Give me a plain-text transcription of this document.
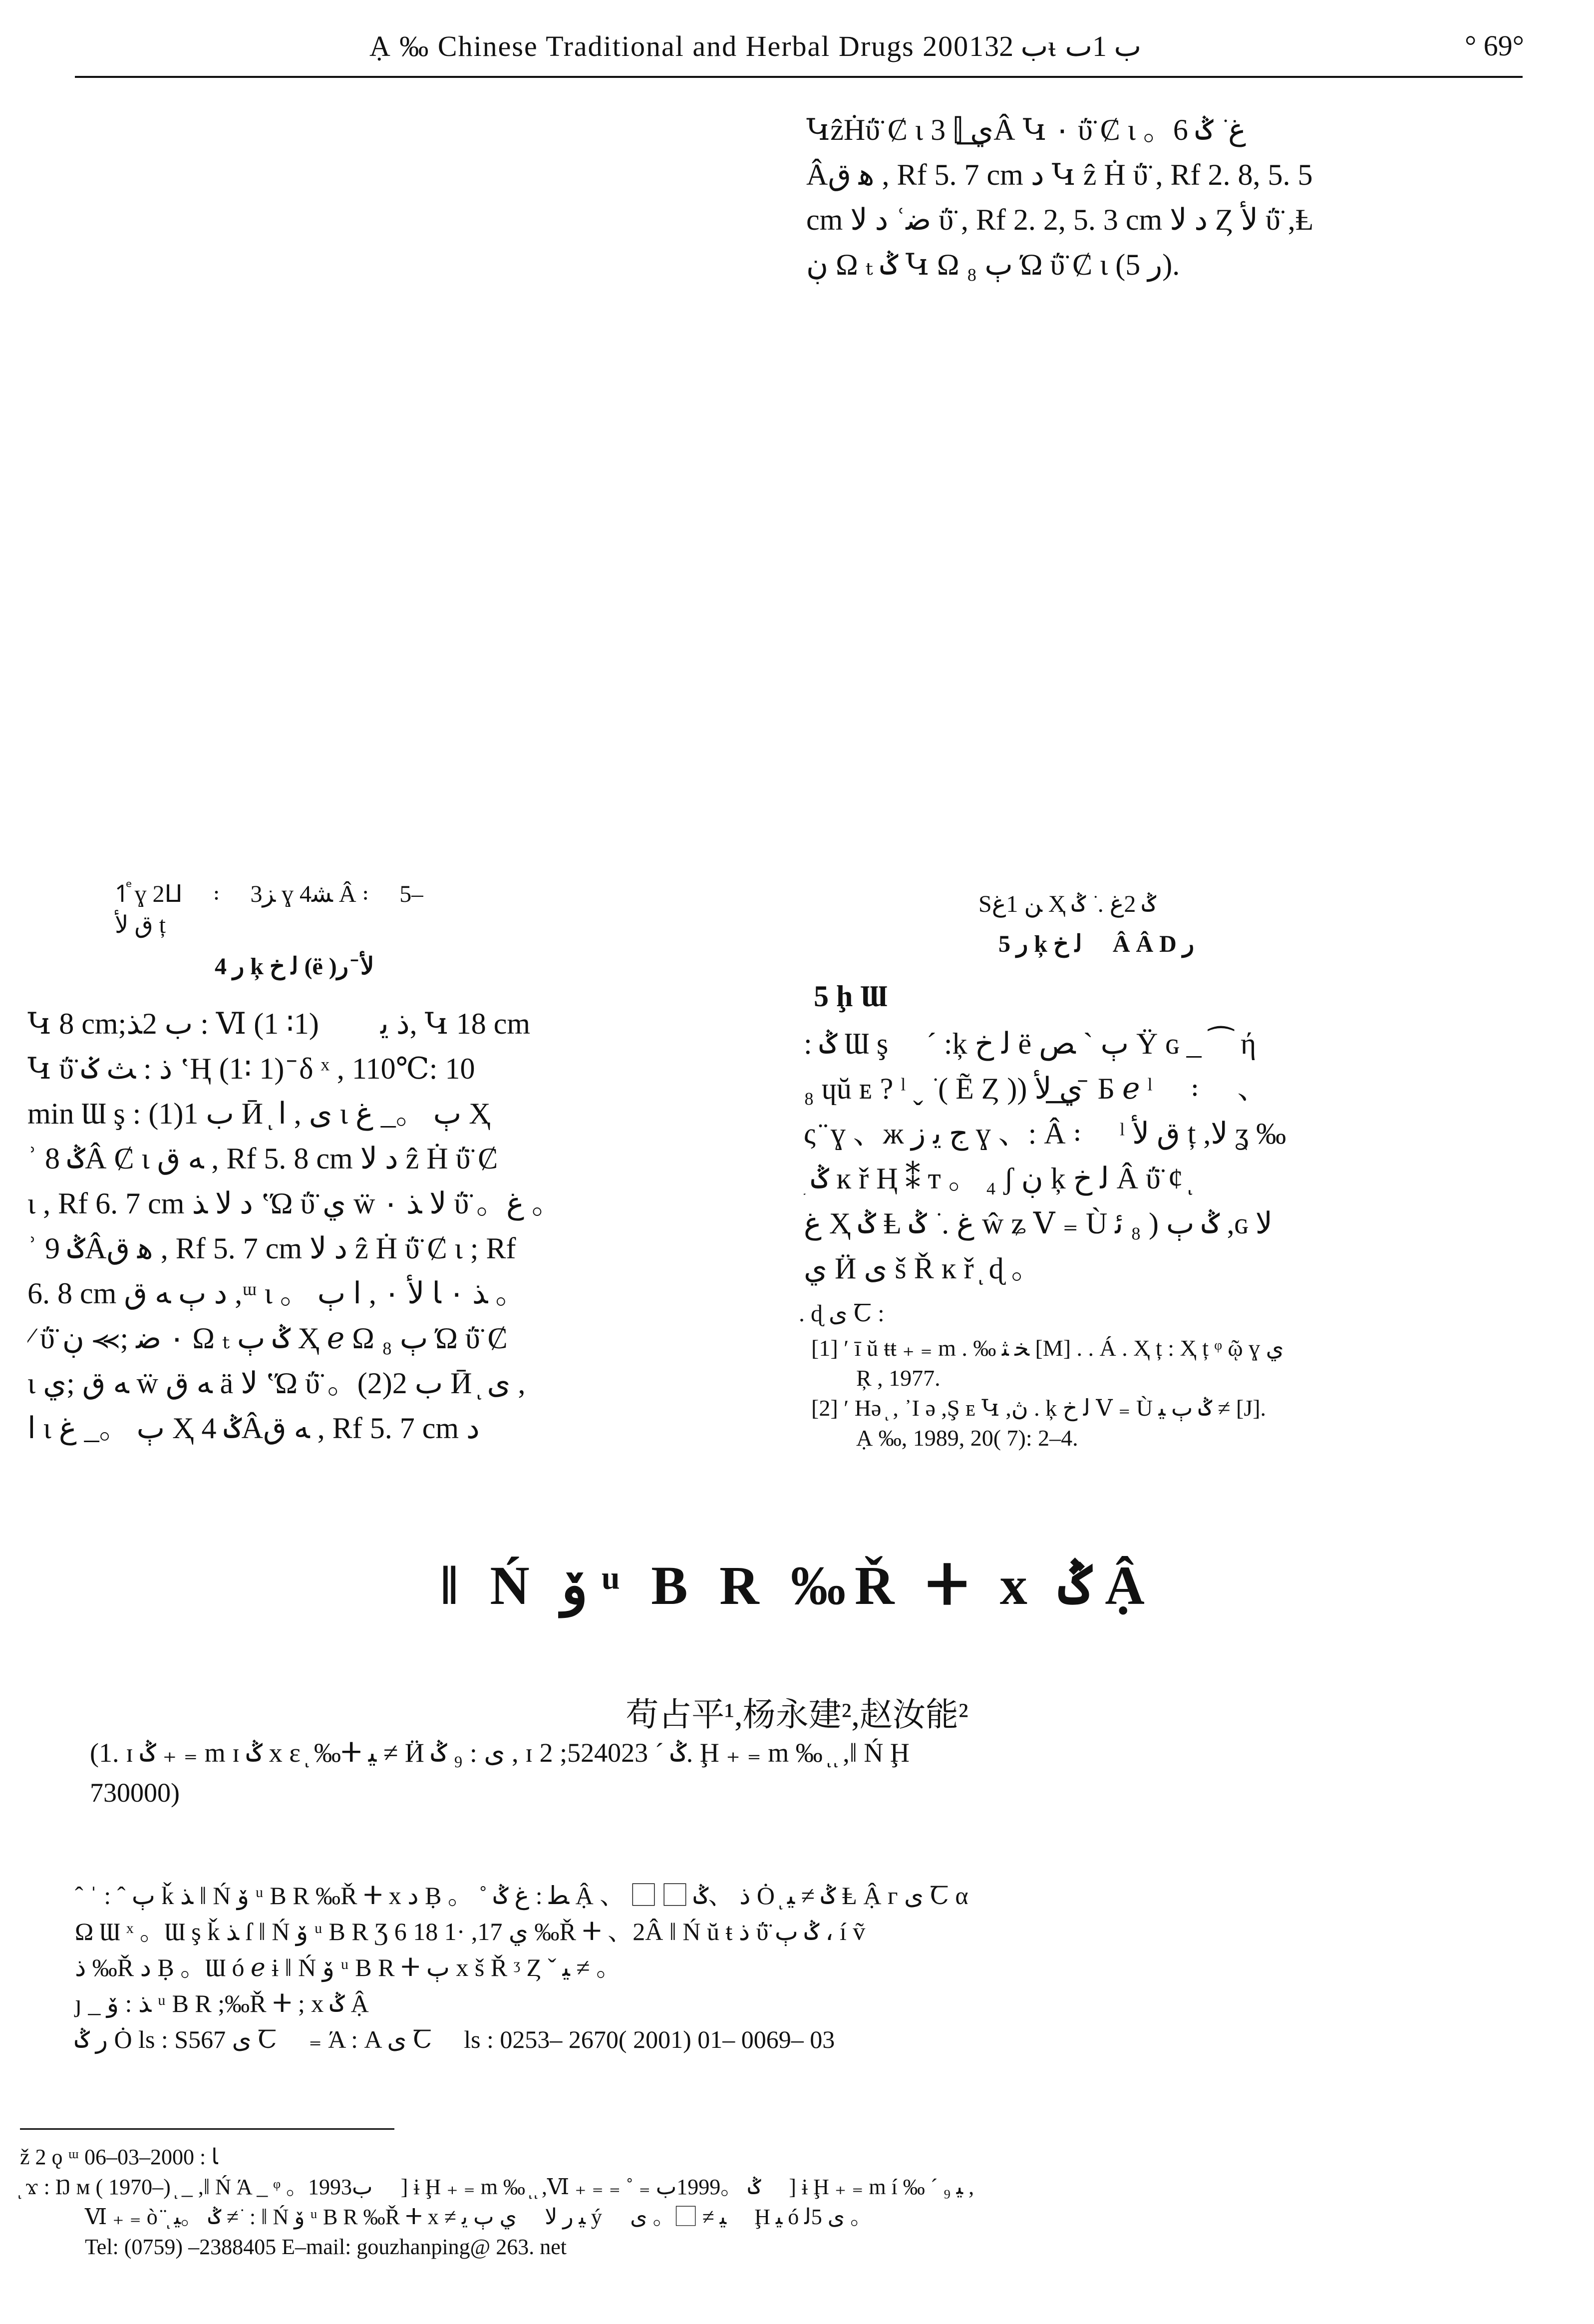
Ạ ‰ Chinese Traditional and Herbal Drugs 2001ب 32ᵼ ب 1ٮ	° 69°
ԿẑḢΰ̈ Ȼ ι ي͟ ⫿ 3Â Կ ٠ ΰ̈ Ȼ ι 。ﻍ ͘ ݣ 6
Âﻫ ق , Rf 5. 7 cm ﺩ Կ ẑ Ḣ ΰ̈ , Rf 2. 8, 5. 5
cm ﺩ ﻻ ʿﺿ ΰ̈ , Rf 2. 2, 5. 3 cm ﺩ ﻻ Ȥ ﻷ ΰ̈ ,Ⱡ
ڹ Ω ₜ ݣ Կ Ω ₈ ٻ Ώ ΰ̈ Ȼ ι (ﺭ 5).
1ⷷ ɣ 2ⵡ ⃞ ꞉ ⃞ 3ﺰ ɣ 4ﺸ Â ꞉ ⃞ 5–
ﻕ ﻷ ț
ﺭ 4 ķ ﻟ ﺥ (ë )ﻷ ̄ ﺭ
Կ 8 cm;ب 2ﺬ : Ⅵ ﺫ ﻳ ⊣⃞ (1∶ 1), Կ 18 cm
Կ ΰ̈ ﺫ : ﺚ ݢ ‛Ⱨ (1∶ 1) ̄ δ ˣ , 110℃: 10
min Ɯ ş : (1)ب 1 Ӣ ͅ ى , ا ι ٻ 。_ ﻍ Ҳ
ʾ ݣ 8Â Ȼ ι ﻪ ق , Rf 5. 8 cm ﺩ ﻻ ẑ Ḣ ΰ̈ Ȼ
ι , Rf 6. 7 cm ﺩ ﻻ ﺬ ‛Ώ ΰ̈ ي ẅ ﻻ ﺬ ٠ ΰ̈ 。ﻍ 。
ʾ ݣ 9Âﻫ ق , Rf 5. 7 cm ﺩ ﻻ ẑ Ḣ ΰ̈ Ȼ ι ; Rf
6. 8 cm ﺩ ٻ ﻪ ق ,ᵚ ι 。 ﺬ ٠ ﺎ ﻷ ٠ , ا ٻ 。
∕ ΰ̈ ٠ ﺿ ;⪼ ڹ Ω ₜ ݣ ٻ Ҳ ℯ Ω ₈ ٻ Ώ ΰ̈ Ȼ
ι ﻪ ق ;ي ẅ ﻪ ق ä ﻻ ‛Ώ ΰ̈ 。(2)ب 2 Ӣ ͅ ى ,
ا ι ٻ 。_ ﻍ Ҳ ݣ 4Âﻪ ق , Rf 5. 7 cm ﺩ
Sﻦ 1ﻍ Ҳ ݣ 2ﻍ . ͘ ݣ
ﺭ 5 ķ ﻟ ﺥ ⃞ Â Â D ﺭ
5 ḩ Ɯ
: ݣ Ɯ ş ⃞ ´ :ķ ﻟ ﺥ ë ٻ ` ﺺ Ÿ ɢ _ ⁀ ή
₈ ɥŭ ᴇ ? ˡ ˬ ͘ ( Ẽ Ȥ )) ي͟ ﻷ ̄ Б ℯ ˡ ⃞ ꞉ ⃞ 、
ς ̈ ɣ 、ж ج ﻳ ﺯ ɣ 、: Â ꞉ ⃞ ˡ ﻕ ﻷ ț ,ﻻ ʓ ‰
ͅ ݣ ĸ ř Ⱨ ⁑ т 。 ₄ ʃ ڹ ķ ﻟ ﺥ Â ΰ̈ ȼ ͅ ⃞
ﻍ Ҳ ݣ Ⱡ ﻍ . ͘ ݣ ŵ ʑ Ⅴ ₌ Ù ݣ ٻ ( ₈ ﺋ ,ɢ ﻻ
ي Ӥ ى š Ř ĸ ř ͅ ɖ 。
. ɖ ى Ꞇ :
[1] ʹ ī ŭ ŧŧ ₊ ₌ m . ‰ ﺨ ﺜ [M] . . Á . Ҳ ț : Ҳ ț ᵠ ῷ ɣ ي
Ŗ , 1977.
[2] ʹ Hǝ ͅ , ᾿Ι ǝ ,Ş ᴇ Կ ,ڽ . ķ ﻟ ﺥ Ⅴ ₌ Ù ݣ ٻ ﻴ ≠ [J].
Ạ ‰, 1989, 20( 7): 2–4.
‖ Ń ﯙ ᵘ B R ‰Ř ⵜ x ݣ Ậ
苟占平¹,杨永建²,赵汝能²
(1. ɪ ݣ ₊ ₌ m ɪ ݣ x ε ͅ ‰ⵜ ﻴ ≠ Ӥ ى : ₉ ݣ , ɪ ݣ ´ 524023; 2. Ḩ ₊ ₌ m ‰ ͅ ͅ ,‖ Ń Ḩ
730000)
ˆ ˈ : ˆ ٻ ǩ ﺬ ‖ Ń ﯙ ᵘ B R ‰Ř ⵜ x ﺩ Ḅ 。 ˚ ﻄ : ﻍ ݣ Ậ 、 ⃞ ⃞ ﺫ 、ݣ Ȯ ͅ ݣ ≠ ﻴ Ⱡ Ậ ᴦ ى Ꞇ α
Ω Ɯ ˣ 。Ɯ ş ǩ ﺬ ſ ‖ Ń ﯙ ᵘ B R Ʒ 6 18 1· ,ي 17 ‰Ř ⵜ 、2Â ‖ Ń ŭ ŧ ﺫ ΰ̈ ݣ ٻ ، í ṽ
ﺫ ‰Ř ﺩ Ḅ 。Ɯ ó ℯ ɨ ‖ Ń ﯙ ᵘ B R ⵜ ٻ x š Ř ᶾ Ȥ ˇ ﻴ ≠ 。
ȷ _ ﺬ : ﯙ ᵘ B R ;‰Ř ⵜ ; x ݣ Ậ
ﺭ ݣ Ȯ ls : S567 ى Ꞇ ⃞ ₌ Ά : A ى Ꞇ ⃞ ls : 0253– 2670( 2001) 01– 0069– 03
ž 2 ǫ ᵚ ﺎ : 2000–03–06
ͅ ϫ : Ŋ ᴍ ( 1970–) ͅ _ ,‖ Ń Ά _ ᵠ 。1993ب ⃞ ] ɨ Ḩ ₊ ₌ m ‰ ͅ ͅ ,Ⅵ ₊ ₌ ₌ ˚ ₌ ݣ 。1999ب ⃞ ] ɨ Ḩ ₊ ₌ m í ‰ ´ ﻴ ₉ ,
Ⅵ ₊ ₌ ò ̈ ͅ ݣ 。ﻴ ≠ ͘ : ‖ Ń ﯙ ᵘ B R ‰Ř ⵜ x ≠ ﻴ ﺭ ﻻ ⃞ ي ٻ ﻳ ý ⃞ ﻴ ≠ 。⃞ ى ⃞ Ḩ ﻴ ó ى 5ﻟ 。
Tel: (0759) –2388405 E–mail: gouzhanping@ 263. net
